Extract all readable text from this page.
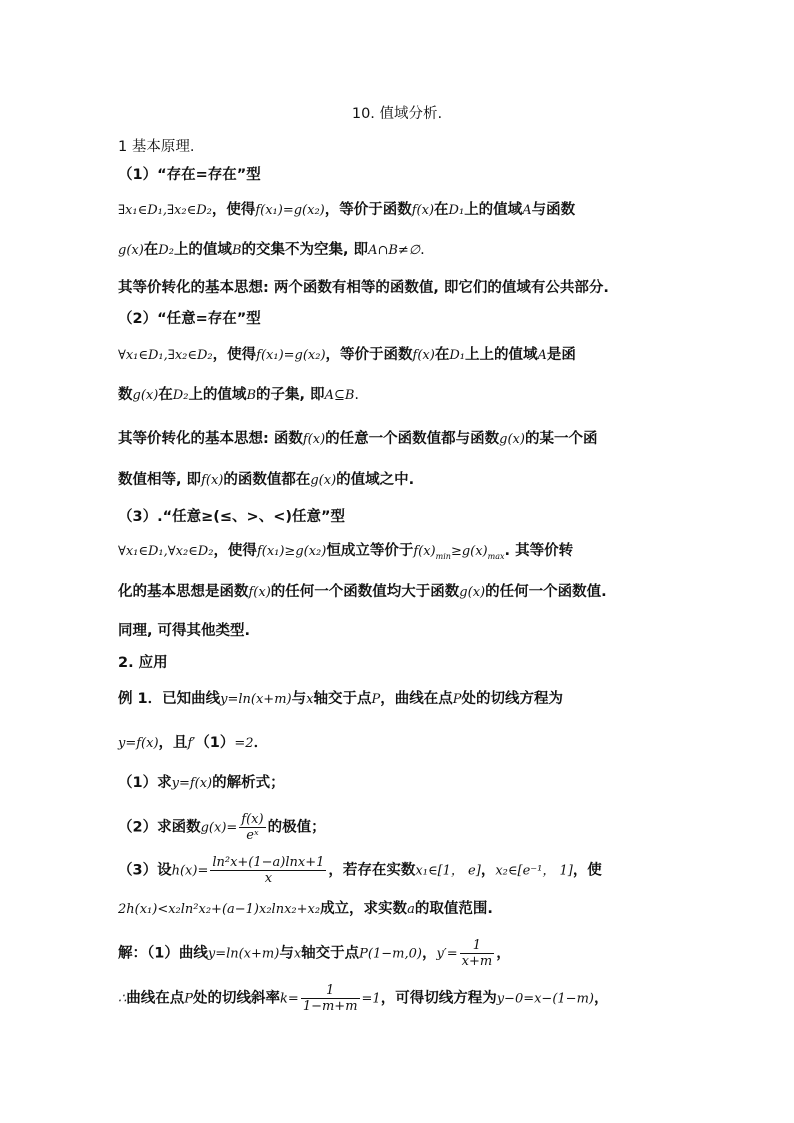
10. 值域分析.
1 基本原理.
（1）“存在=存在”型
∃x₁∈D₁,∃x₂∈D₂，使得f(x₁)=g(x₂)，等价于函数f(x)在D₁上的值域A与函数
g(x)在D₂上的值域B的交集不为空集, 即A∩B≠∅.
其等价转化的基本思想: 两个函数有相等的函数值, 即它们的值域有公共部分.
（2）“任意=存在”型
∀x₁∈D₁,∃x₂∈D₂，使得f(x₁)=g(x₂)，等价于函数f(x)在D₁上上的值域A是函
数g(x)在D₂上的值域B的子集, 即A⊆B.
其等价转化的基本思想: 函数f(x)的任意一个函数值都与函数g(x)的某一个函
数值相等, 即f(x)的函数值都在g(x)的值域之中.
（3）.“任意≥(≤、>、<)任意”型
∀x₁∈D₁,∀x₂∈D₂，使得f(x₁)≥g(x₂)恒成立等价于$f(x)_{min}\ge g(x)_{max}$. 其等价转
化的基本思想是函数f(x)的任何一个函数值均大于函数g(x)的任何一个函数值.
同理, 可得其他类型.
2. 应用
例 1．已知曲线y=ln(x+m)与x轴交于点P，曲线在点P处的切线方程为
y=f(x)，且f′（1）=2．
（1）求y=f(x)的解析式；
（2）求函数$g(x)= \frac{f(x)}{\text{eˣ}}$ 的极值；
（3）设$h(x)= \frac{\text{ln²x+(1−a)lnx+1}}{x}$ ，若存在实数x₁∈[1， e]，x₂∈[e⁻¹， 1]，使
2h(x₁)<x₂ln²x₂+(a−1)x₂lnx₂+x₂成立，求实数a的取值范围.
解：（1）曲线y=ln(x+m)与x轴交于点P(1−m,0)，$y'= \frac{1}{x+m}$ ，
∴曲线在点P处的切线斜率$k= \frac{1}{1-m+m} =1$，可得切线方程为y−0=x−(1−m)，
